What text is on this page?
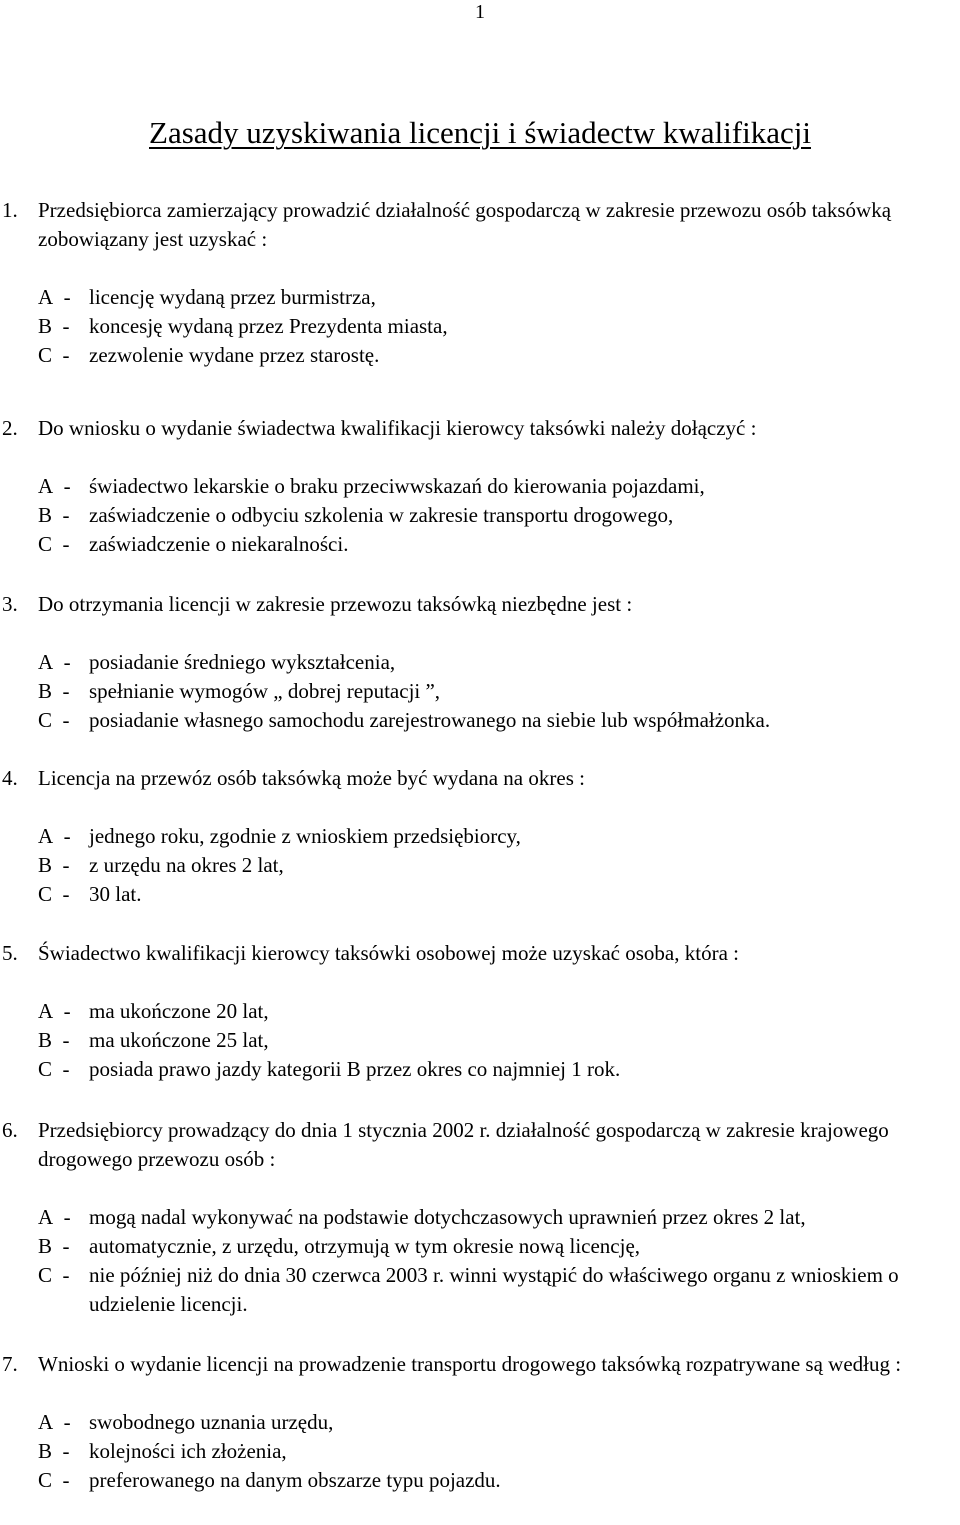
1
Zasady uzyskiwania licencji i świadectw kwalifikacji
1. Przedsiębiorca zamierzający prowadzić działalność gospodarczą w zakresie przewozu osób taksówką zobowiązany jest uzyskać :
A  - licencję wydaną przez burmistrza,
B  - koncesję wydaną przez Prezydenta miasta,
C  - zezwolenie wydane przez starostę.
2. Do wniosku o wydanie świadectwa kwalifikacji kierowcy taksówki należy dołączyć :
A  - świadectwo lekarskie o braku przeciwwskazań do kierowania pojazdami,
B  - zaświadczenie o odbyciu szkolenia w zakresie transportu drogowego,
C  - zaświadczenie o niekaralności.
3. Do otrzymania licencji w zakresie przewozu taksówką niezbędne jest :
A  - posiadanie średniego wykształcenia,
B  - spełnianie wymogów „ dobrej reputacji ”,
C  - posiadanie własnego samochodu zarejestrowanego na siebie lub współmałżonka.
4. Licencja na przewóz osób taksówką może być wydana na okres :
A  - jednego roku, zgodnie z wnioskiem przedsiębiorcy,
B  - z urzędu na okres 2 lat,
C  - 30 lat.
5. Świadectwo kwalifikacji kierowcy taksówki osobowej może uzyskać osoba, która :
A  - ma ukończone 20 lat,
B  - ma ukończone 25 lat,
C  - posiada prawo jazdy kategorii B przez okres co najmniej 1 rok.
6. Przedsiębiorcy prowadzący do dnia 1 stycznia 2002 r. działalność gospodarczą w zakresie krajowego drogowego przewozu osób :
A  - mogą nadal wykonywać na podstawie dotychczasowych uprawnień przez okres 2 lat,
B  - automatycznie, z urzędu, otrzymują w tym okresie nową licencję,
C  - nie później niż do dnia 30 czerwca 2003 r. winni wystąpić do właściwego organu z wnioskiem o udzielenie licencji.
7. Wnioski o wydanie licencji na prowadzenie transportu drogowego taksówką rozpatrywane są według :
A  - swobodnego uznania urzędu,
B  - kolejności ich złożenia,
C  - preferowanego na danym obszarze typu pojazdu.
